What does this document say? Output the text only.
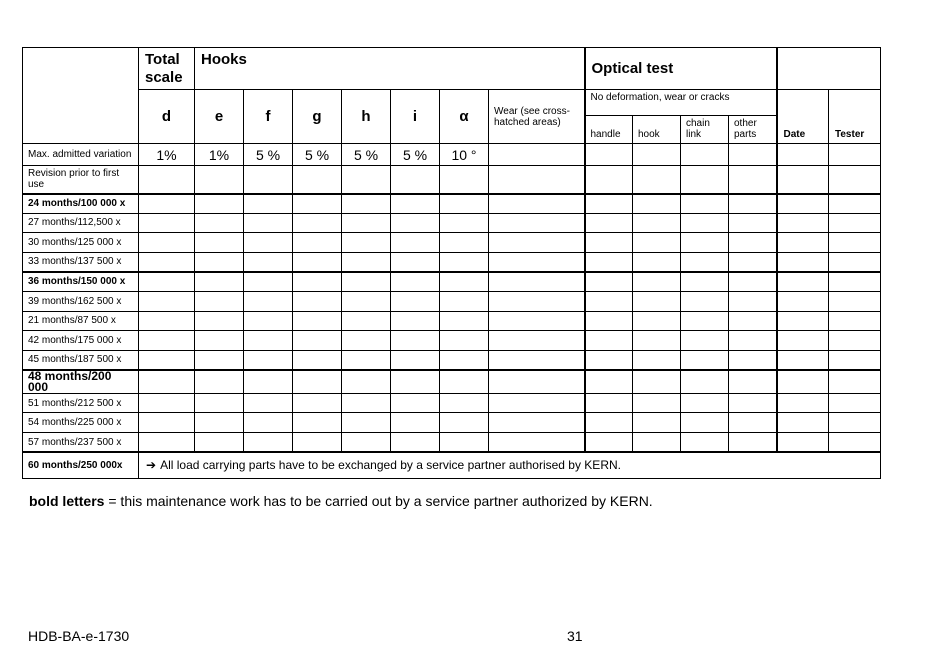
	Total scale	Hooks							Optical test					
	d	e	f	g	h	i	α	Wear (see cross-hatched areas)	No deformation, wear or cracks				Date	Tester
									handle	hook	chain link	other parts		
Max. admitted variation	1%	1%	5 %	5 %	5 %	5 %	10 °							
Revision prior to first use														
24 months/100 000 x														
27 months/112,500 x														
30 months/125 000 x														
33 months/137 500 x														
36 months/150 000 x														
39 months/162 500 x														
21 months/87 500 x														
42 months/175 000 x														
45 months/187 500 x														
48 months/200 000														
51 months/212 500 x														
54 months/225 000 x														
57 months/237 500 x														
60 months/250 000x	➔ All load carrying parts have to be exchanged by a service partner authorised by KERN.													
bold letters = this maintenance work has to be carried out by a service partner authorized by KERN.
HDB-BA-e-1730	31
